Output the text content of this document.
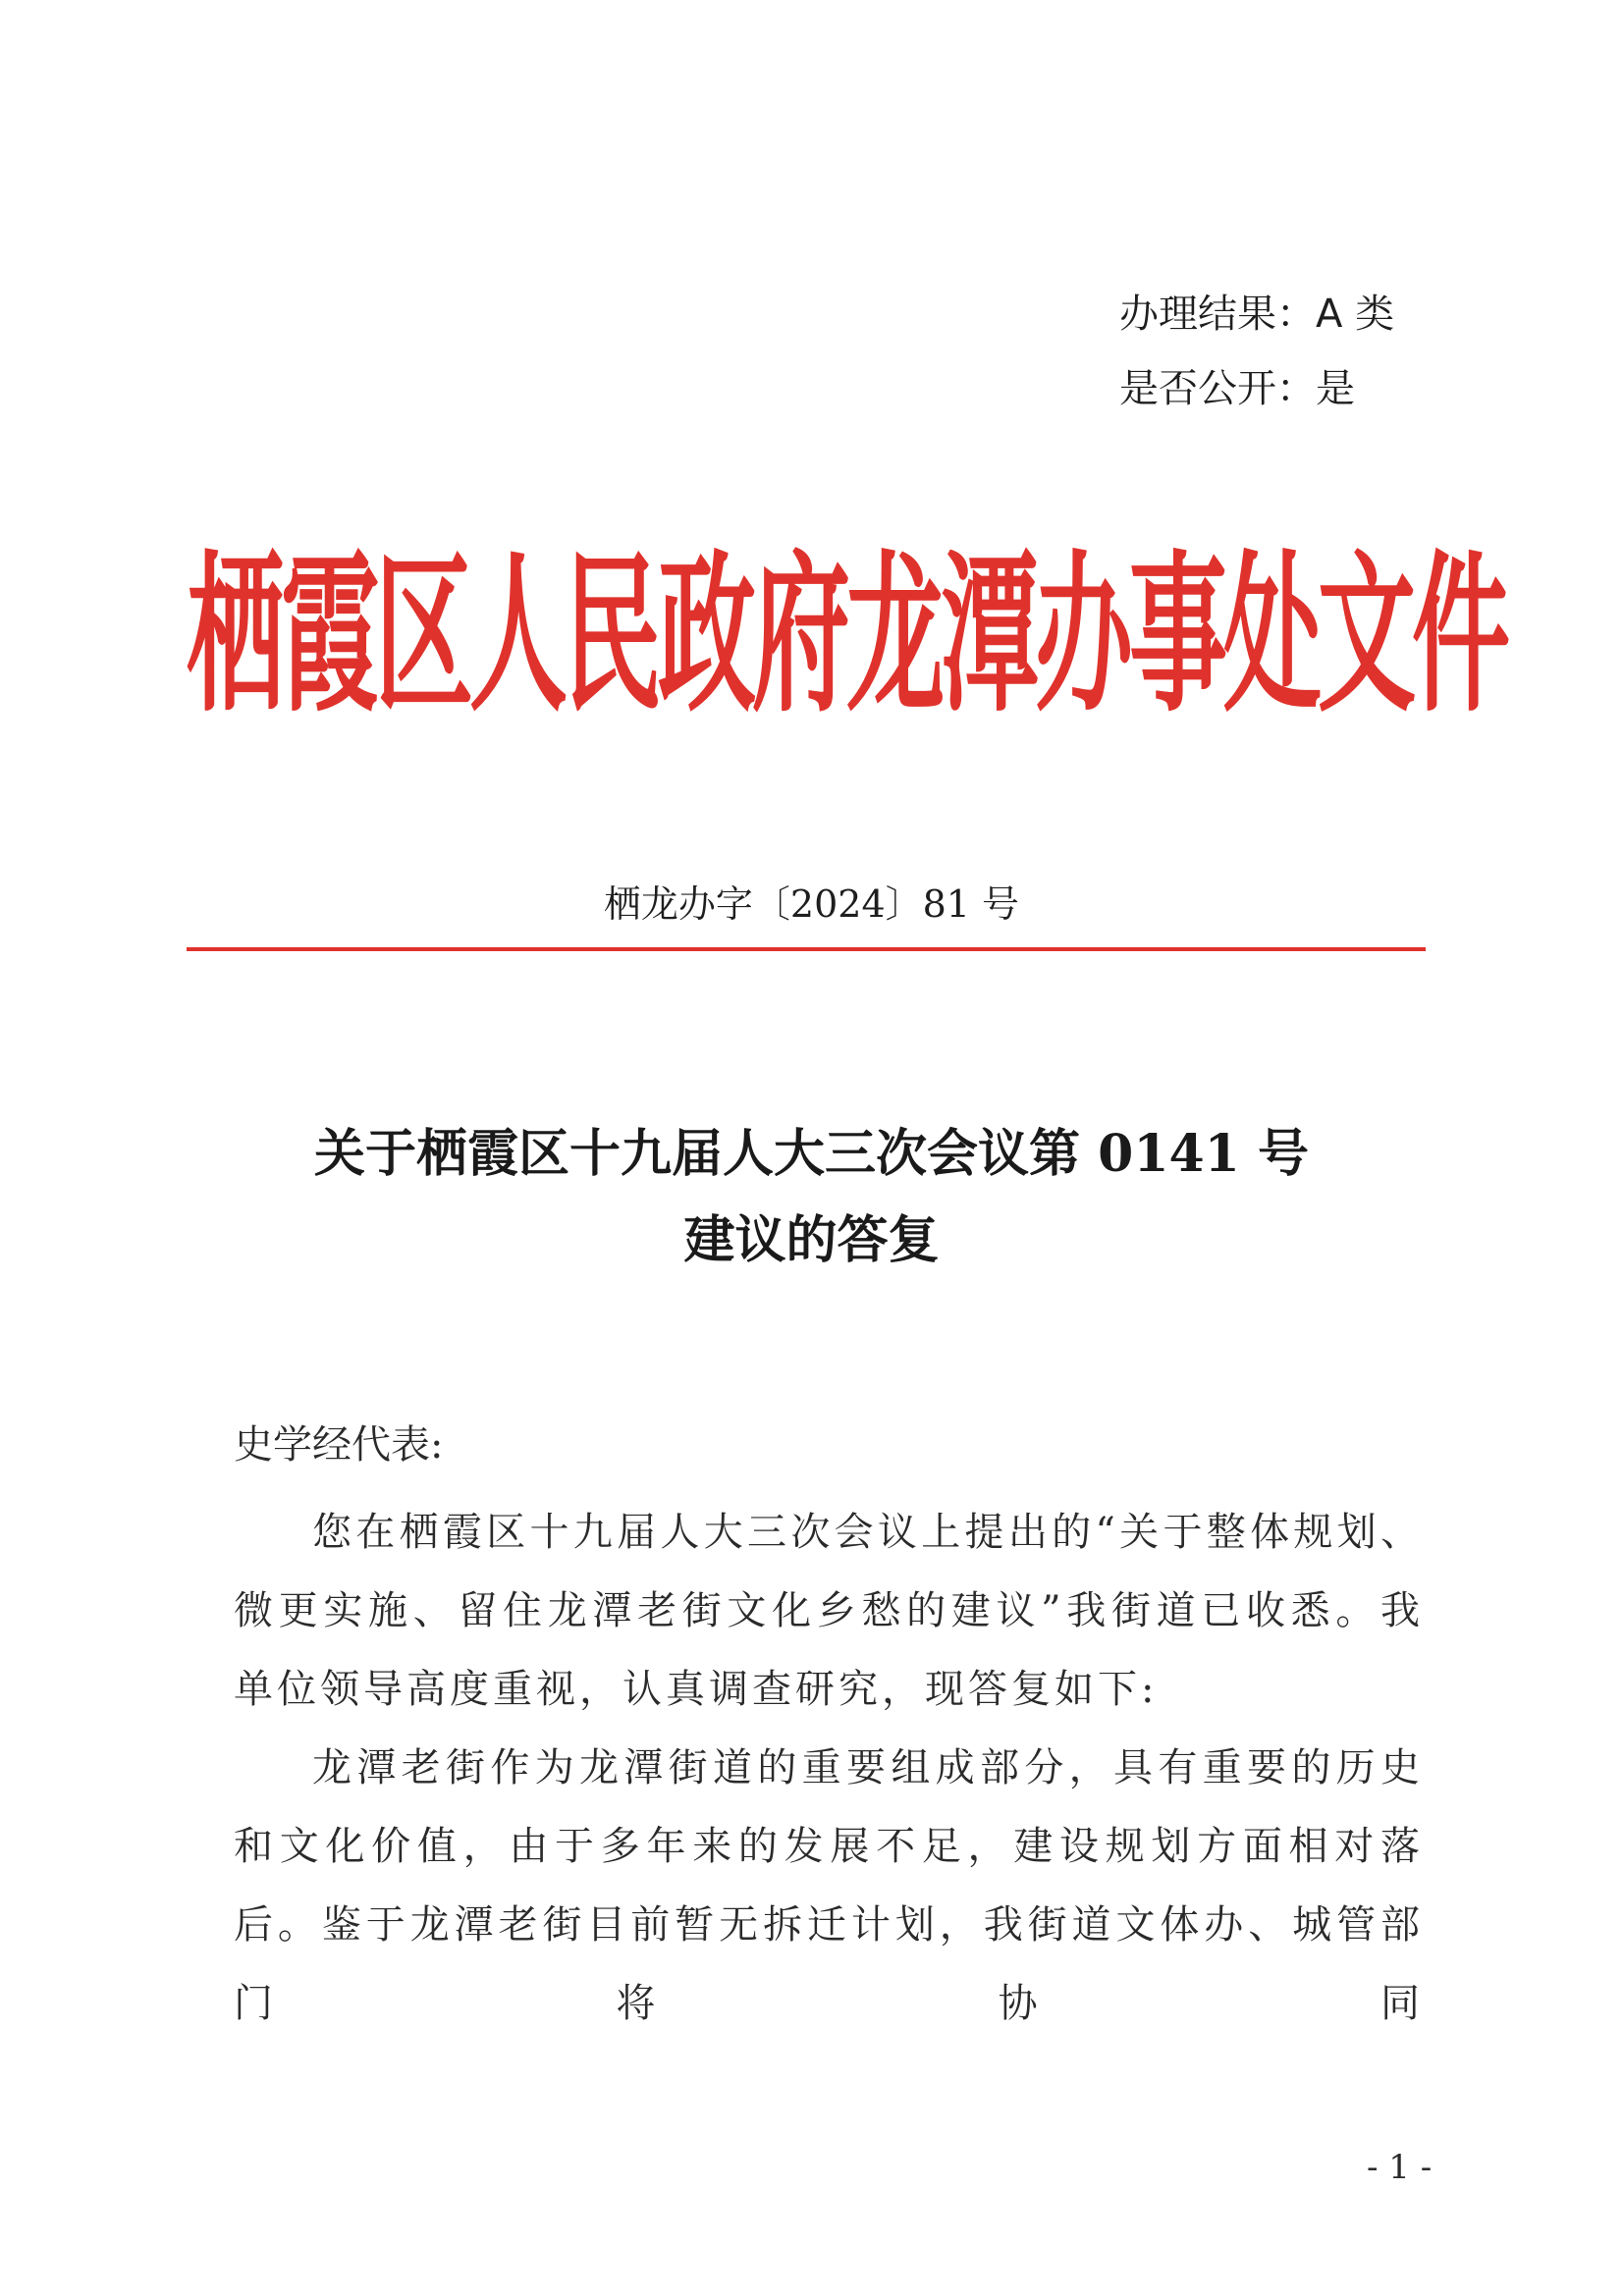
办理结果：A 类
是否公开：是
栖
霞
区
人
民
政
府
龙
潭
办
事
处
文
件
栖龙办字〔2024〕81 号
关于栖霞区十九届人大三次会议第 0141 号
建议的答复
史学经代表:

您在栖霞区十九届人大三次会议上提出的“关于整体规划、微更实施、留住龙潭老街文化乡愁的建议”我街道已收悉。我单位领导高度重视，认真调查研究，现答复如下:

龙潭老街作为龙潭街道的重要组成部分，具有重要的历史和文化价值，由于多年来的发展不足，建设规划方面相对落后。鉴于龙潭老街目前暂无拆迁计划，我街道文体办、城管部门将协同

- 1 -
